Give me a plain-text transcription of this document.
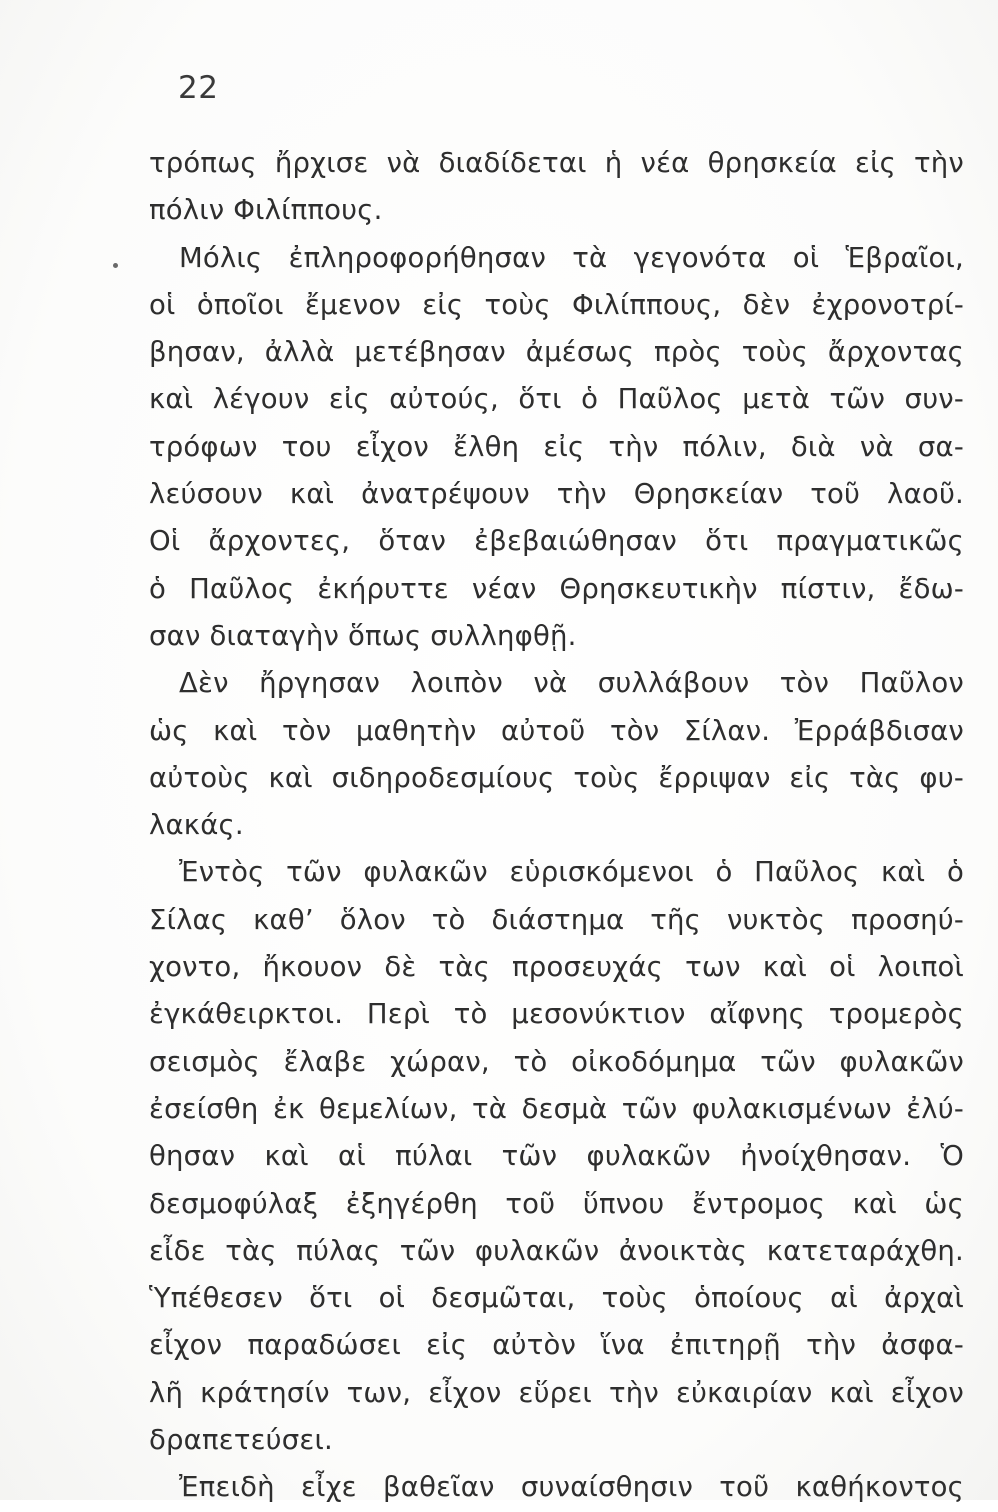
22
τρόπως ἤρχισε νὰ διαδίδεται ἡ νέα θρησκεία εἰς τὴν
πόλιν Φιλίππους.
Μόλις ἐπληροφορήθησαν τὰ γεγονότα οἱ Ἑβραῖοι,
οἱ ὁποῖοι ἔμενον εἰς τοὺς Φιλίππους, δὲν ἐχρονοτρί-
βησαν, ἀλλὰ μετέβησαν ἀμέσως πρὸς τοὺς ἄρχοντας
καὶ λέγουν εἰς αὐτούς, ὅτι ὁ Παῦλος μετὰ τῶν συν-
τρόφων του εἶχον ἔλθη εἰς τὴν πόλιν, διὰ νὰ σα-
λεύσουν καὶ ἀνατρέψουν τὴν Θρησκείαν τοῦ λαοῦ.
Οἱ ἄρχοντες, ὅταν ἐβεβαιώθησαν ὅτι πραγματικῶς
ὁ Παῦλος ἐκήρυττε νέαν Θρησκευτικὴν πίστιν, ἔδω-
σαν διαταγὴν ὅπως συλληφθῇ.
Δὲν ἤργησαν λοιπὸν νὰ συλλάβουν τὸν Παῦλον
ὡς καὶ τὸν μαθητὴν αὐτοῦ τὸν Σίλαν. Ἐρράβδισαν
αὐτοὺς καὶ σιδηροδεσμίους τοὺς ἔρριψαν εἰς τὰς φυ-
λακάς.
Ἐντὸς τῶν φυλακῶν εὑρισκόμενοι ὁ Παῦλος καὶ ὁ
Σίλας καθ’ ὅλον τὸ διάστημα τῆς νυκτὸς προσηύ-
χοντο, ἤκουον δὲ τὰς προσευχάς των καὶ οἱ λοιποὶ
ἐγκάθειρκτοι. Περὶ τὸ μεσονύκτιον αἴφνης τρομερὸς
σεισμὸς ἔλαβε χώραν, τὸ οἰκοδόμημα τῶν φυλακῶν
ἐσείσθη ἐκ θεμελίων, τὰ δεσμὰ τῶν φυλακισμένων ἐλύ-
θησαν καὶ αἱ πύλαι τῶν φυλακῶν ἠνοίχθησαν. Ὁ
δεσμοφύλαξ ἐξηγέρθη τοῦ ὕπνου ἔντρομος καὶ ὡς
εἶδε τὰς πύλας τῶν φυλακῶν ἀνοικτὰς κατεταράχθη.
Ὑπέθεσεν ὅτι οἱ δεσμῶται, τοὺς ὁποίους αἱ ἀρχαὶ
εἶχον παραδώσει εἰς αὐτὸν ἵνα ἐπιτηρῇ τὴν ἀσφα-
λῆ κράτησίν των, εἶχον εὕρει τὴν εὐκαιρίαν καὶ εἶχον
δραπετεύσει.
Ἐπειδὴ εἶχε βαθεῖαν συναίσθησιν τοῦ καθήκοντος
